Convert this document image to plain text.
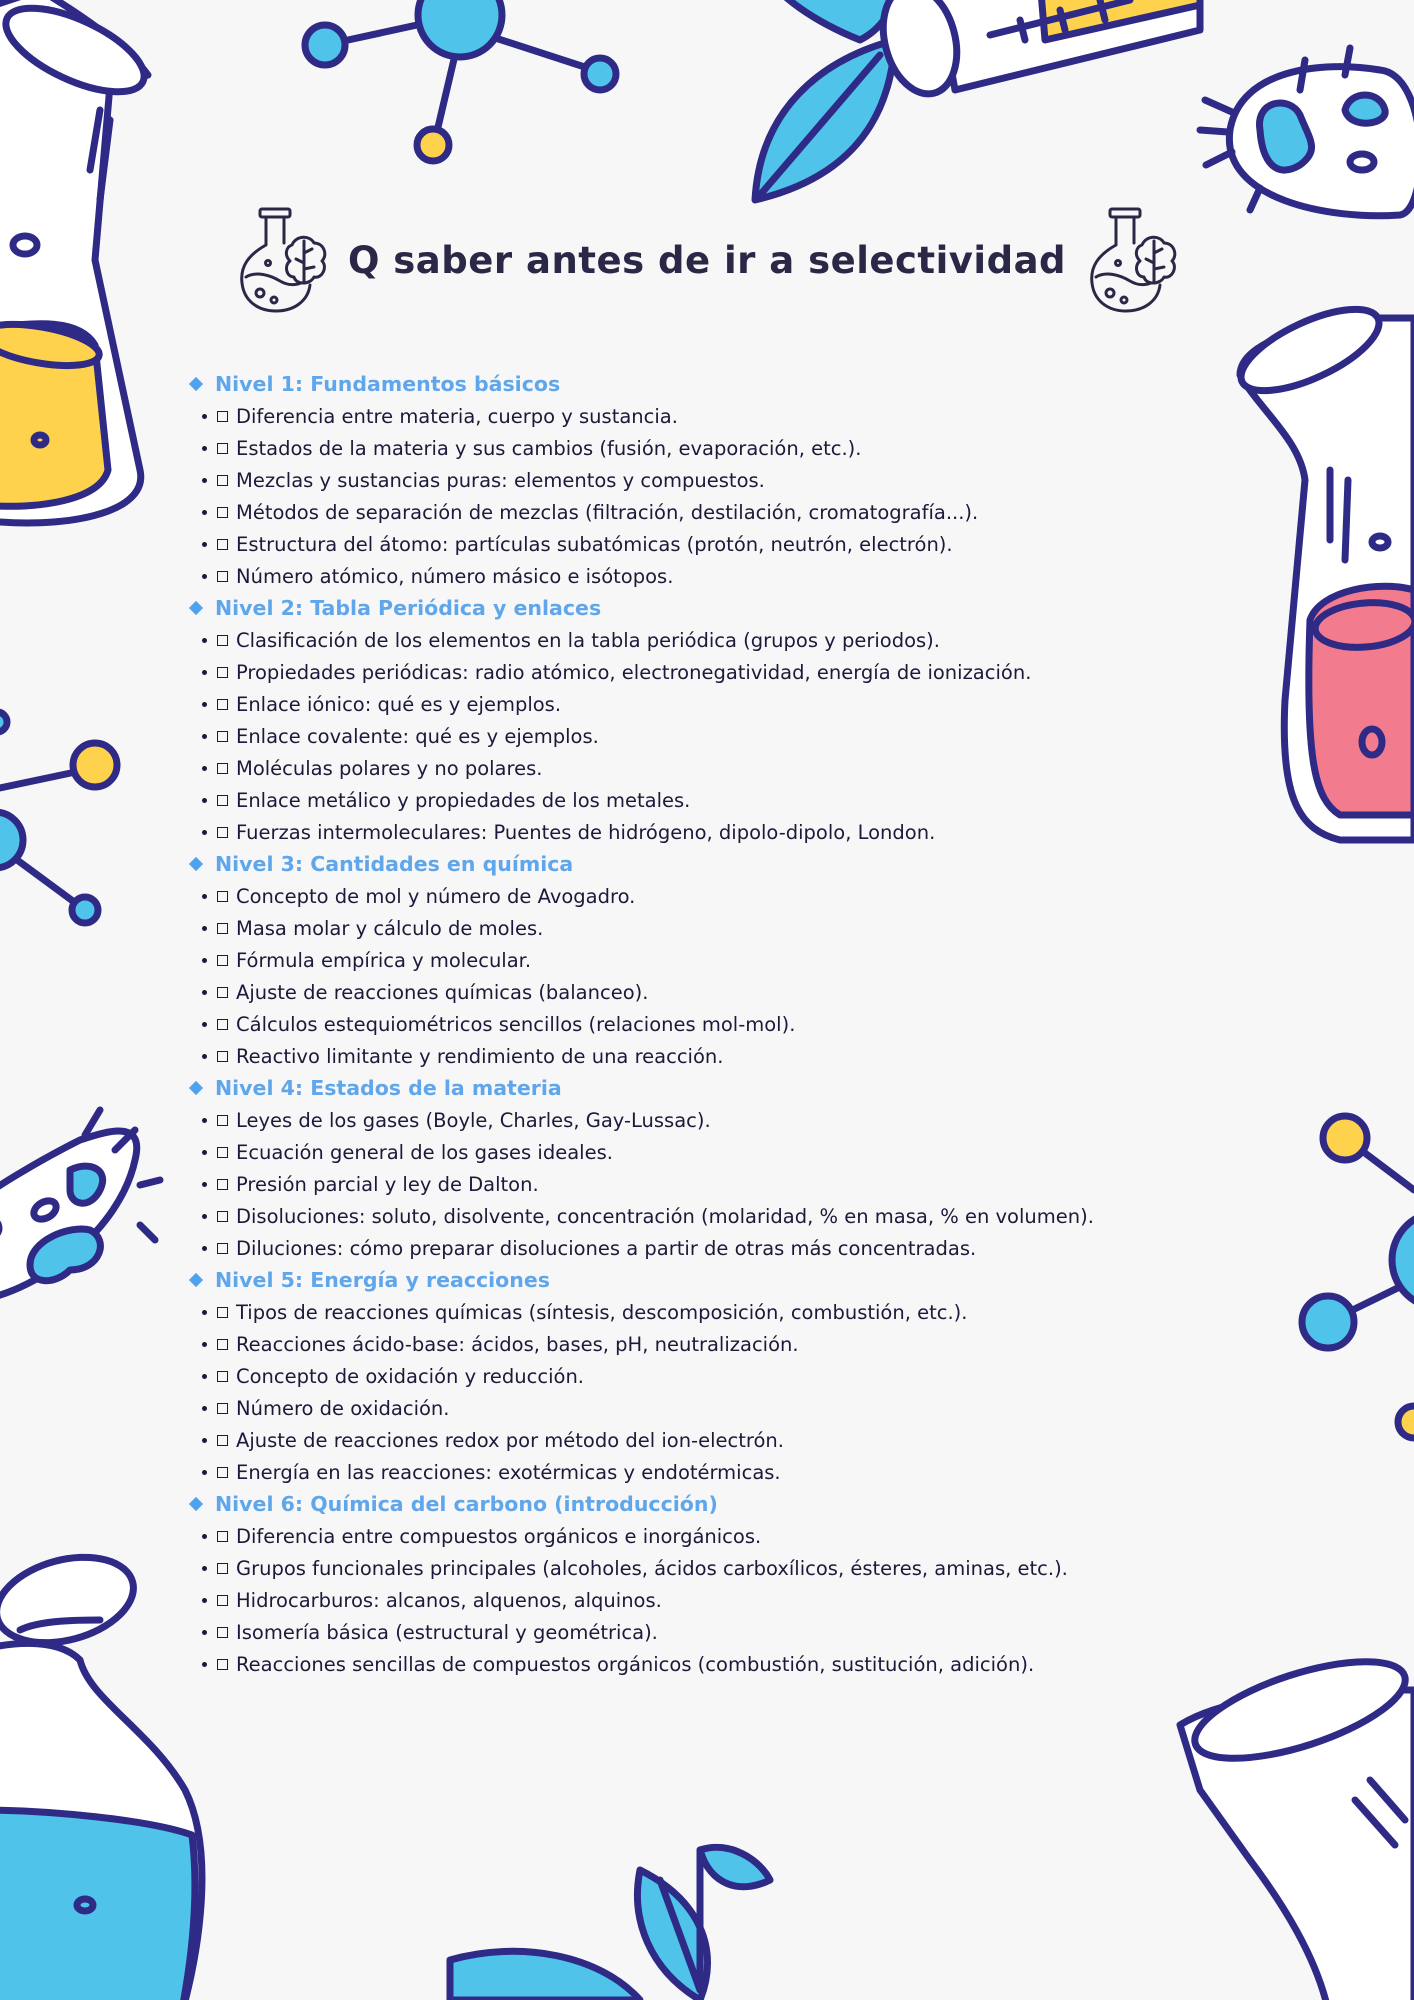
Q saber antes de ir a selectividad
Nivel 1: Fundamentos básicos
Diferencia entre materia, cuerpo y sustancia.
Estados de la materia y sus cambios (fusión, evaporación, etc.).
Mezclas y sustancias puras: elementos y compuestos.
Métodos de separación de mezclas (filtración, destilación, cromatografía...).
Estructura del átomo: partículas subatómicas (protón, neutrón, electrón).
Número atómico, número másico e isótopos.
Nivel 2: Tabla Periódica y enlaces
Clasificación de los elementos en la tabla periódica (grupos y periodos).
Propiedades periódicas: radio atómico, electronegatividad, energía de ionización.
Enlace iónico: qué es y ejemplos.
Enlace covalente: qué es y ejemplos.
Moléculas polares y no polares.
Enlace metálico y propiedades de los metales.
Fuerzas intermoleculares: Puentes de hidrógeno, dipolo-dipolo, London.
Nivel 3: Cantidades en química
Concepto de mol y número de Avogadro.
Masa molar y cálculo de moles.
Fórmula empírica y molecular.
Ajuste de reacciones químicas (balanceo).
Cálculos estequiométricos sencillos (relaciones mol-mol).
Reactivo limitante y rendimiento de una reacción.
Nivel 4: Estados de la materia
Leyes de los gases (Boyle, Charles, Gay-Lussac).
Ecuación general de los gases ideales.
Presión parcial y ley de Dalton.
Disoluciones: soluto, disolvente, concentración (molaridad, % en masa, % en volumen).
Diluciones: cómo preparar disoluciones a partir de otras más concentradas.
Nivel 5: Energía y reacciones
Tipos de reacciones químicas (síntesis, descomposición, combustión, etc.).
Reacciones ácido-base: ácidos, bases, pH, neutralización.
Concepto de oxidación y reducción.
Número de oxidación.
Ajuste de reacciones redox por método del ion-electrón.
Energía en las reacciones: exotérmicas y endotérmicas.
Nivel 6: Química del carbono (introducción)
Diferencia entre compuestos orgánicos e inorgánicos.
Grupos funcionales principales (alcoholes, ácidos carboxílicos, ésteres, aminas, etc.).
Hidrocarburos: alcanos, alquenos, alquinos.
Isomería básica (estructural y geométrica).
Reacciones sencillas de compuestos orgánicos (combustión, sustitución, adición).
